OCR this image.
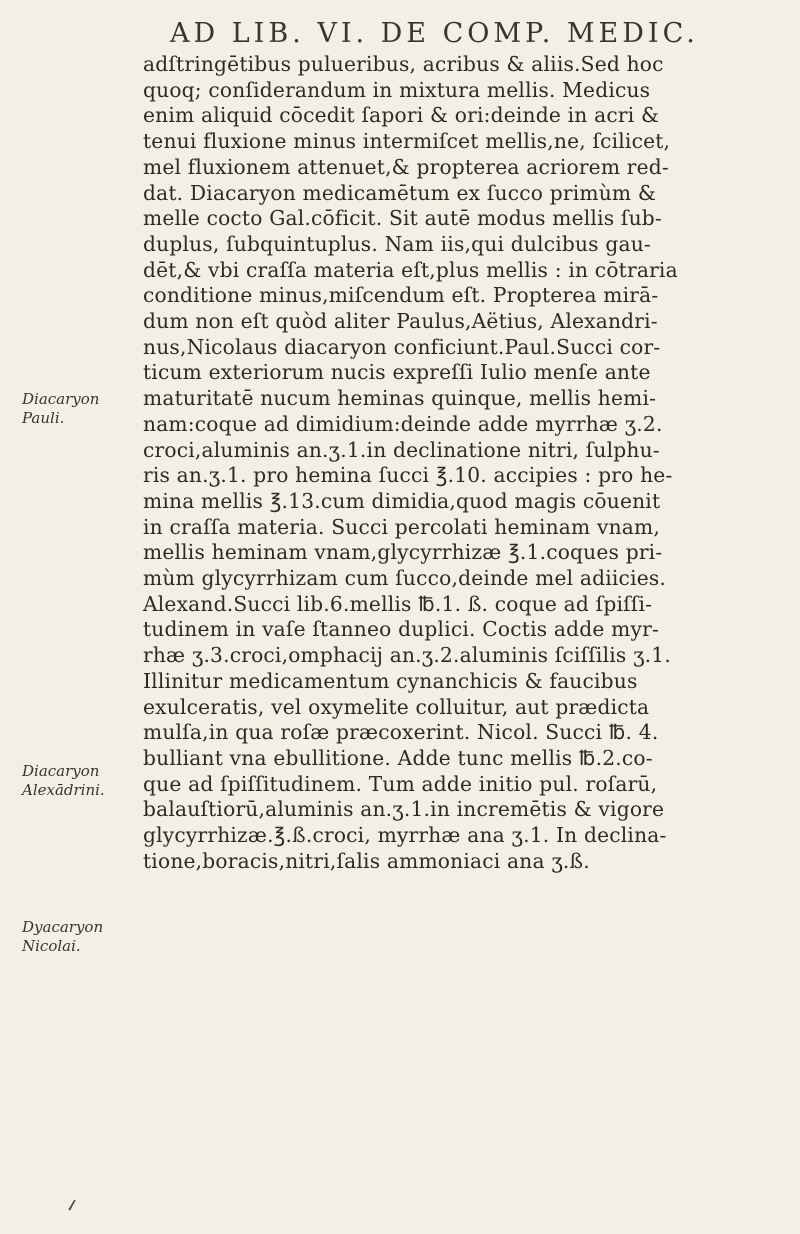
AD LIB. VI. DE COMP. MEDIC.
adſtringētibus pulueribus, acribus & aliis.Sed hoc
quoq; conſiderandum in mixtura mellis. Medicus
enim aliquid cōcedit ſapori & ori:deinde in acri &
tenui fluxione minus intermiſcet mellis,ne, ſcilicet,
mel fluxionem attenuet,& propterea acriorem red-
dat. Diacaryon medicamētum ex ſucco primùm &
melle cocto Gal.cōficit. Sit autē modus mellis ſub-
duplus, ſubquintuplus. Nam iis,qui dulcibus gau-
dēt,& vbi craſſa materia eſt,plus mellis : in cōtraria
conditione minus,miſcendum eſt. Propterea mirā-
dum non eſt quòd aliter Paulus,Aëtius, Alexandri-
nus,Nicolaus diacaryon conficiunt.Paul.Succi cor-
ticum exteriorum nucis expreſſi Iulio menſe ante
maturitatē nucum heminas quinque, mellis hemi-
nam:coque ad dimidium:deinde adde myrrhæ ʒ.2.
croci,aluminis an.ʒ.1.in declinatione nitri, ſulphu-
ris an.ʒ.1. pro hemina ſucci ℥.10. accipies : pro he-
mina mellis ℥.13.cum dimidia,quod magis cōuenit
in craſſa materia. Succi percolati heminam vnam,
mellis heminam vnam,glycyrrhizæ ℥.1.coques pri-
mùm glycyrrhizam cum ſucco,deinde mel adiicies.
Alexand.Succi lib.6.mellis ℔.1. ß. coque ad ſpiſſi-
tudinem in vaſe ſtanneo duplici. Coctis adde myr-
rhæ ʒ.3.croci,omphacij an.ʒ.2.aluminis ſciſſilis ʒ.1.
Illinitur medicamentum cynanchicis & faucibus
exulceratis, vel oxymelite colluitur, aut prædicta
mulſa,in qua roſæ præcoxerint. Nicol. Succi ℔. 4.
bulliant vna ebullitione. Adde tunc mellis ℔.2.co-
que ad ſpiſſitudinem. Tum adde initio pul. roſarū,
balauſtiorū,aluminis an.ʒ.1.in incremētis & vigore
glycyrrhizæ.℥.ß.croci, myrrhæ ana ʒ.1. In declina-
tione,boracis,nitri,ſalis ammoniaci ana ʒ.ß.
Diacaryon
Pauli.
Diacaryon
Alexādrini.
Dyacaryon
Nicolai.
